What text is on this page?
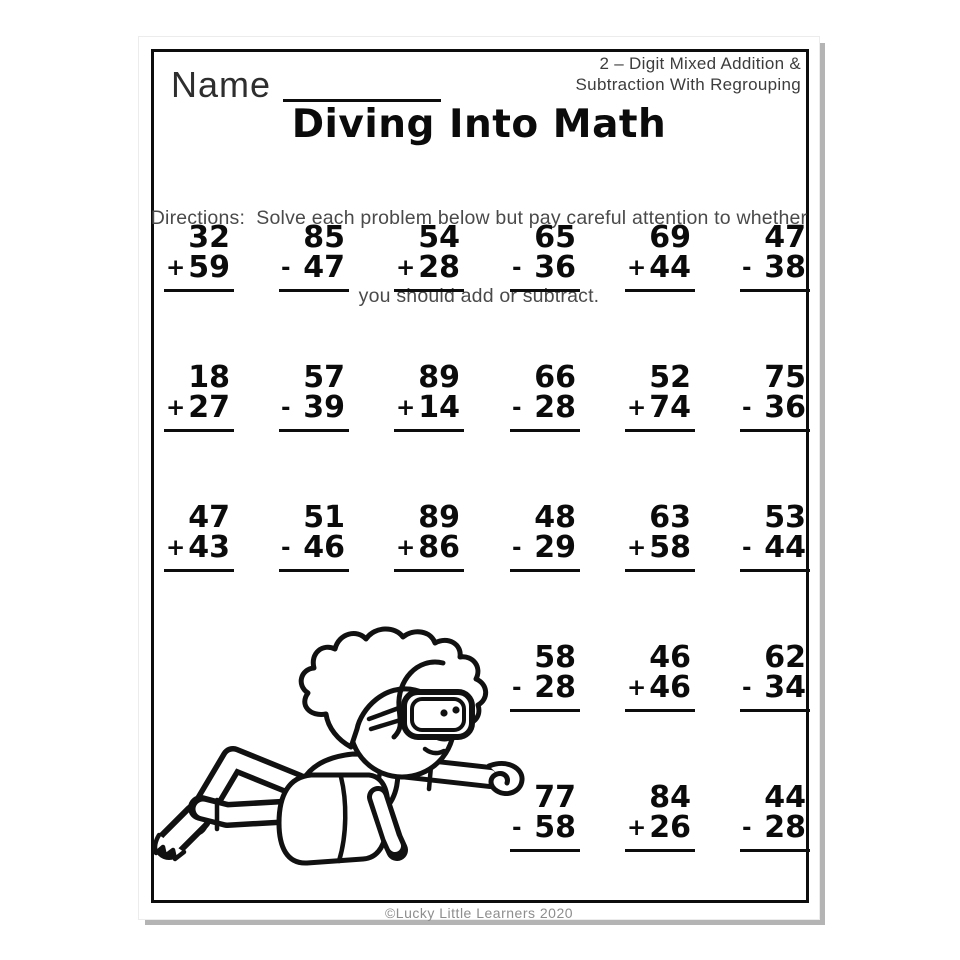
Name
2 – Digit Mixed Addition &
Subtraction With Regrouping
Diving Into Math

Directions:  Solve each problem below but pay careful attention to whether

you should add or subtract.

32
+ 59
85
- 47
54
+ 28
65
- 36
69
+ 44
47
- 38
18
+ 27
57
- 39
89
+ 14
66
- 28
52
+ 74
75
- 36
47
+ 43
51
- 46
89
+ 86
48
- 29
63
+ 58
53
- 44
58
- 28
46
+ 46
62
- 34
77
- 58
84
+ 26
44
- 28
©Lucky Little Learners 2020
